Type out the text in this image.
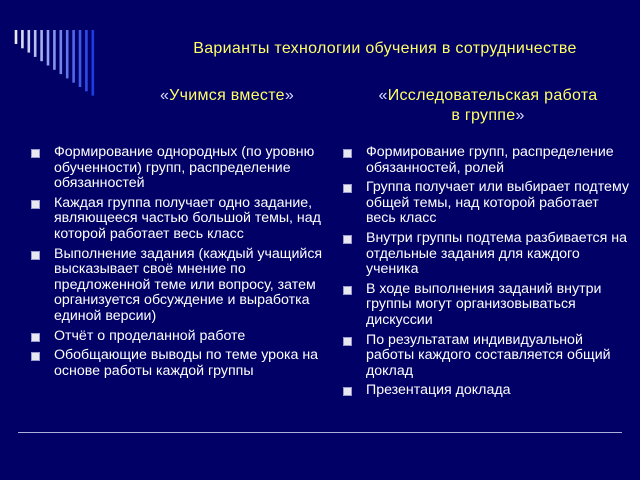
Варианты технологии обучения в сотрудничестве
«Учимся вместе»	«Исследовательская работа в группе»
Формирование однородных (по уровню обученности) групп, распределение обязанностей
Каждая группа получает одно задание, являющееся частью большой темы, над которой работает весь класс
Выполнение задания (каждый учащийся высказывает своё мнение по предложенной теме или вопросу, затем организуется обсуждение и выработка единой версии)
Отчёт о проделанной работе
Обобщающие выводы по теме урока на основе работы каждой группы
Формирование групп, распределение обязанностей, ролей
Группа получает или выбирает подтему общей темы, над которой работает весь класс
Внутри группы подтема разбивается на отдельные задания для каждого ученика
В ходе выполнения заданий внутри группы могут организовываться дискуссии
По результатам индивидуальной работы каждого составляется общий доклад
Презентация доклада
